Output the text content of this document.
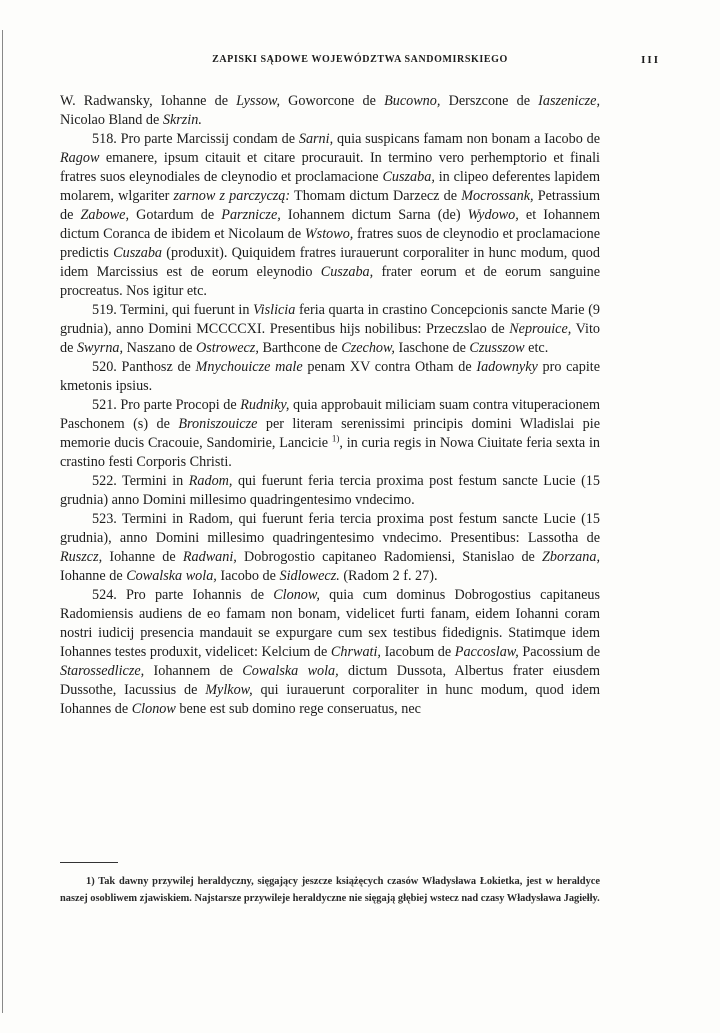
ZAPISKI SĄDOWE WOJEWÓDZTWA SANDOMIRSKIEGO	III

W. Radwansky, Iohanne de Lyssow, Goworcone de Bucowno, Derszcone de Iaszenicze, Nicolao Bland de Skrzin.

518. Pro parte Marcissij condam de Sarni, quia suspicans famam non bonam a Iacobo de Ragow emanere, ipsum citauit et citare procurauit. In termino vero perhemptorio et finali fratres suos eleynodiales de cleynodio et proclamacione Cuszaba, in clipeo deferentes lapidem molarem, wlgariter zarnow z parczyczą: Thomam dictum Darzecz de Mocrossank, Petrassium de Zabowe, Gotardum de Parznicze, Iohannem dictum Sarna (de) Wydowo, et Iohannem dictum Coranca de ibidem et Nicolaum de Wstowo, fratres suos de cleynodio et proclamacione predictis Cuszaba (produxit). Quiquidem fratres iurauerunt corporaliter in hunc modum, quod idem Marcissius est de eorum eleynodio Cuszaba, frater eorum et de eorum sanguine procreatus. Nos igitur etc.

519. Termini, qui fuerunt in Vislicia feria quarta in crastino Concepcionis sancte Marie (9 grudnia), anno Domini MCCCCXI. Presentibus hijs nobilibus: Przeczslao de Neprouice, Vito de Swyrna, Naszano de Ostrowecz, Barthcone de Czechow, Iaschone de Czusszow etc.

520. Panthosz de Mnychouicze male penam XV contra Otham de Iadownyky pro capite kmetonis ipsius.

521. Pro parte Procopi de Rudniky, quia approbauit miliciam suam contra vituperacionem Paschonem (s) de Broniszouicze per literam serenissimi principis domini Wladislai pie memorie ducis Cracouie, Sandomirie, Lancicie $^{1)}$, in curia regis in Nowa Ciuitate feria sexta in crastino festi Corporis Christi.

522. Termini in Radom, qui fuerunt feria tercia proxima post festum sancte Lucie (15 grudnia) anno Domini millesimo quadringentesimo vndecimo.

523. Termini in Radom, qui fuerunt feria tercia proxima post festum sancte Lucie (15 grudnia), anno Domini millesimo quadringentesimo vndecimo. Presentibus: Lassotha de Ruszcz, Iohanne de Radwani, Dobrogostio capitaneo Radomiensi, Stanislao de Zborzana, Iohanne de Cowalska wola, Iacobo de Sidlowecz. (Radom 2 f. 27).

524. Pro parte Iohannis de Clonow, quia cum dominus Dobrogostius capitaneus Radomiensis audiens de eo famam non bonam, videlicet furti fanam, eidem Iohanni coram nostri iudicij presencia mandauit se expurgare cum sex testibus fidedignis. Statimque idem Iohannes testes produxit, videlicet: Kelcium de Chrwati, Iacobum de Paccoslaw, Pacossium de Starossedlicze, Iohannem de Cowalska wola, dictum Dussota, Albertus frater eiusdem Dussothe, Iacussius de Mylkow, qui iurauerunt corporaliter in hunc modum, quod idem Iohannes de Clonow bene est sub domino rege conseruatus, nec

1) Tak dawny przywilej heraldyczny, sięgający jeszcze książęcych czasów Władysława Łokietka, jest w heraldyce naszej osobliwem zjawiskiem. Najstarsze przywileje heraldyczne nie sięgają głębiej wstecz nad czasy Władysława Jagiełły.
